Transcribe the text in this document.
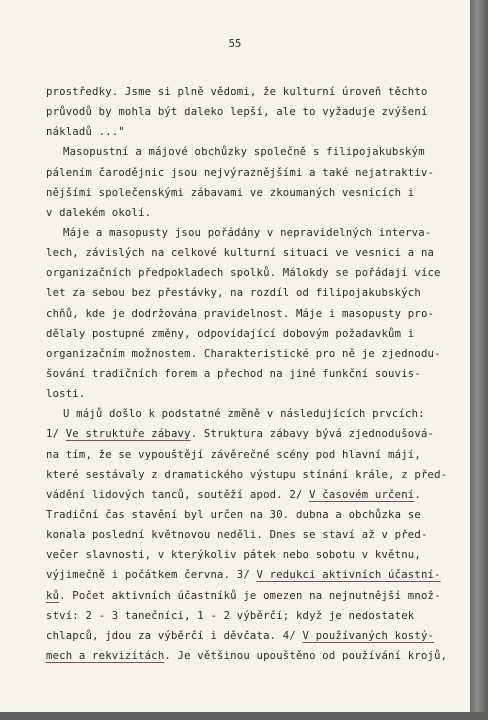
55
prostředky. Jsme si plně vědomi, že kulturní úroveň těchto
průvodů by mohla být daleko lepší, ale to vyžaduje zvýšení
nákladů ..."
Masopustní a májové obchůzky společně s filipojakubským
pálením čarodějnic jsou nejvýraznějšími a také nejatraktiv-
nějšími společenskými zábavami ve zkoumaných vesnicích i
v dalekém okolí.
Máje a masopusty jsou pořádány v nepravidelných interva-
lech, závislých na celkové kulturní situaci ve vesnici a na
organizačních předpokladech spolků. Málokdy se pořádají více
let za sebou bez přestávky, na rozdíl od filipojakubských
chňů, kde je dodržována pravidelnost. Máje i masopusty pro-
dělaly postupné změny, odpovídající dobovým požadavkům i
organizačním možnostem. Charakteristické pro ně je zjednodu-
šování tradičních forem a přechod na jiné funkční souvis-
losti.
U májů došlo k podstatné změně v následujících prvcích:
1/ Ve struktuře zábavy. Struktura zábavy bývá zjednodušová-
na tím, že se vypouštějí závěrečné scény pod hlavní májí,
které sestávaly z dramatického výstupu stínání krále, z před-
vádění lidových tanců, soutěží apod. 2/ V časovém určení.
Tradiční čas stavění byl určen na 30. dubna a obchůzka se
konala poslední květnovou neděli. Dnes se staví až v před-
večer slavnosti, v kterýkoliv pátek nebo sobotu v květnu,
výjimečně i počátkem června. 3/ V redukci aktivních účastní-
ků. Počet aktivních účastníků je omezen na nejnutnější množ-
ství: 2 - 3 tanečníci, 1 - 2 výběrčí; když je nedostatek
chlapců, jdou za výběrčí i děvčata. 4/ V používaných kostý-
mech a rekvizitách. Je většinou upouštěno od používání krojů,
